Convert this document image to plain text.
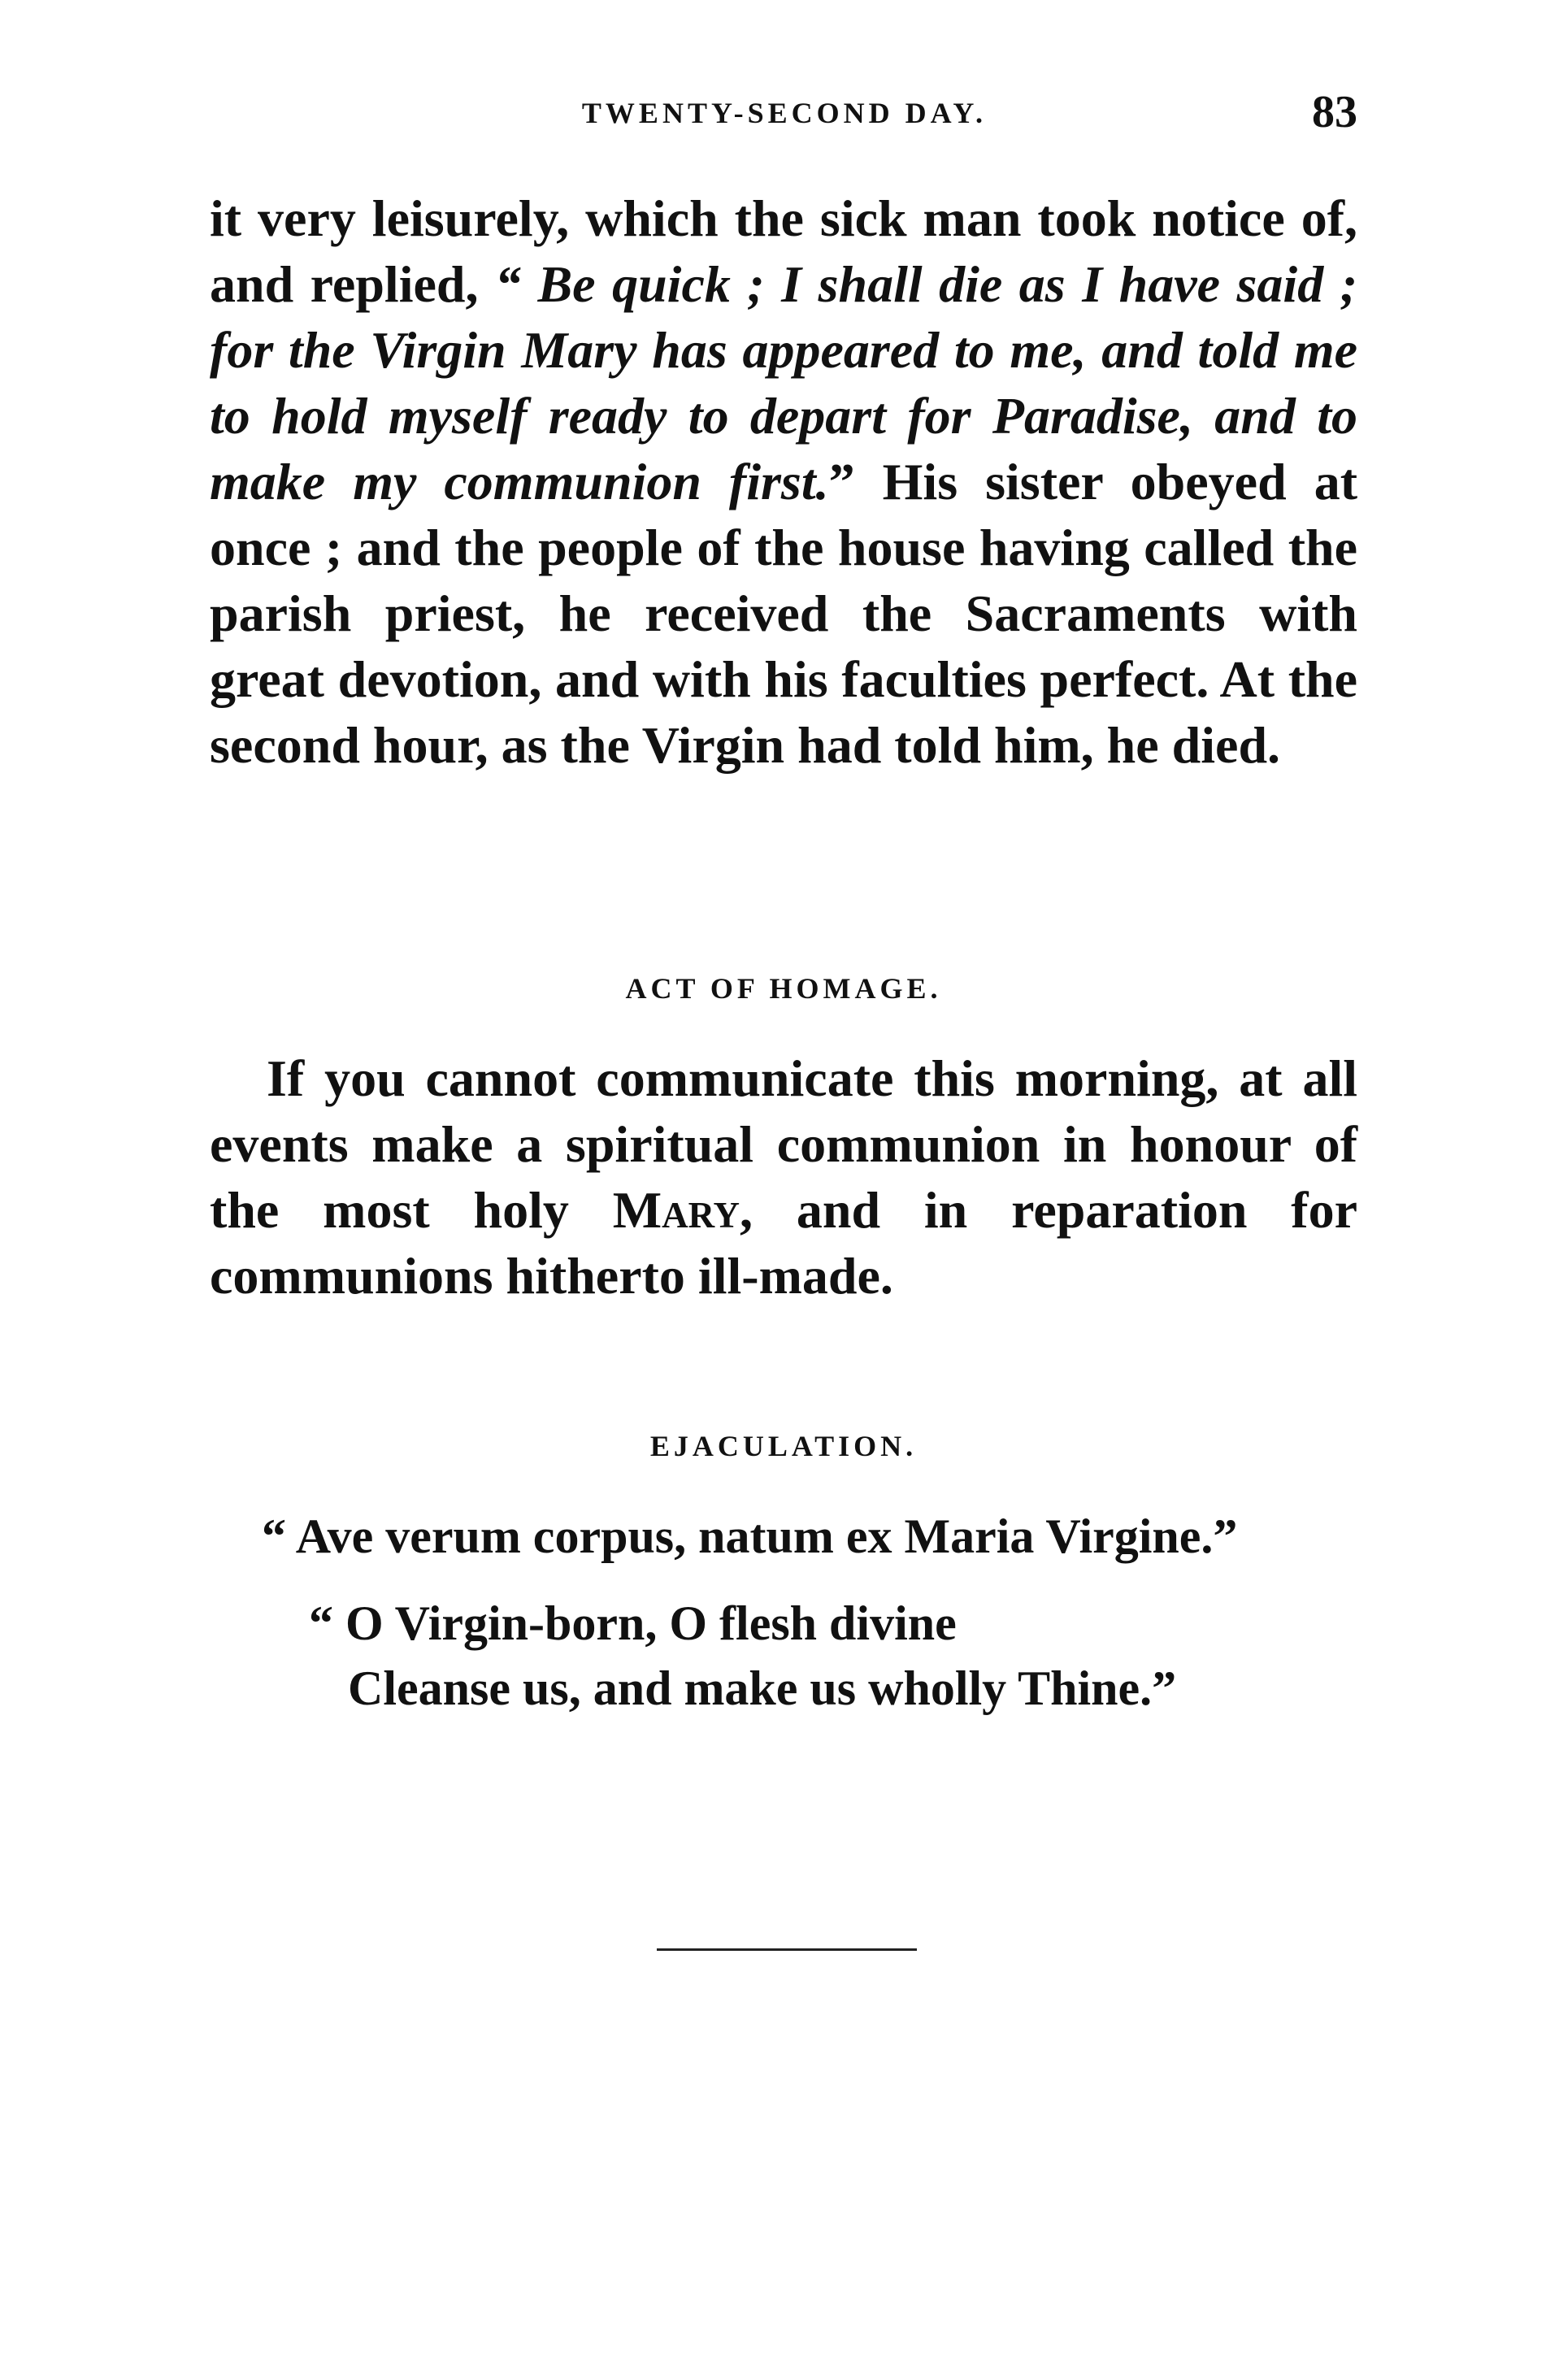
TWENTY-SECOND DAY.	83
it very leisurely, which the sick man took notice of, and replied, “ Be quick ; I shall die as I have said ; for the Virgin Mary has appeared to me, and told me to hold myself ready to depart for Paradise, and to make my communion first.” His sister obeyed at once ; and the people of the house having called the parish priest, he received the Sacraments with great devotion, and with his faculties perfect. At the second hour, as the Virgin had told him, he died.
ACT OF HOMAGE.
If you cannot communicate this morning, at all events make a spiritual communion in honour of the most holy Mary, and in reparation for communions hitherto ill-made.
EJACULATION.
“ Ave verum corpus, natum ex Maria Virgine.”
“ O Virgin-born, O flesh divine
Cleanse us, and make us wholly Thine.”
